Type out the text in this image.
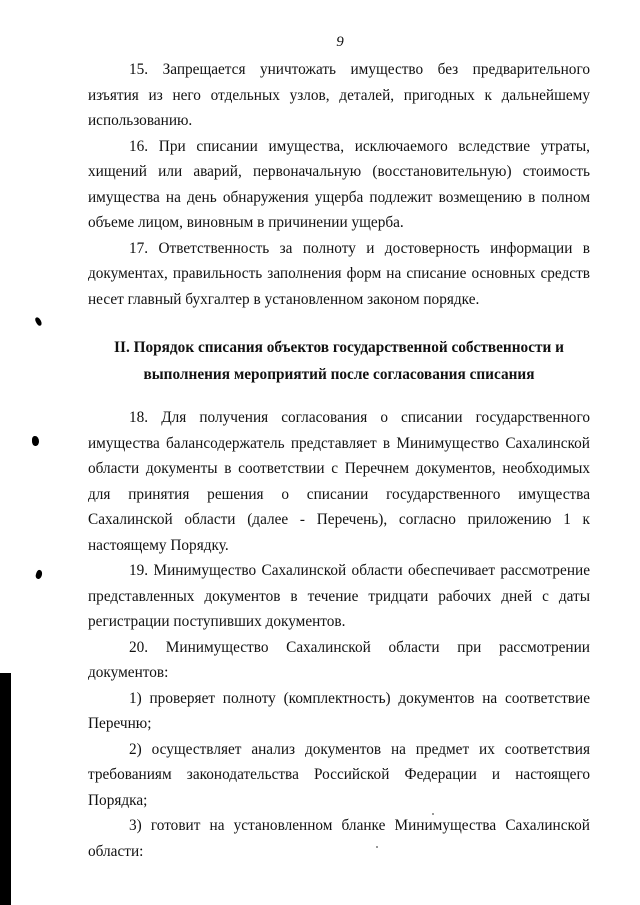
9

15. Запрещается уничтожать имущество без предварительного изъятия из него отдельных узлов, деталей, пригодных к дальнейшему использованию.

16. При списании имущества, исключаемого вследствие утраты, хищений или аварий, первоначальную (восстановительную) стоимость имущества на день обнаружения ущерба подлежит возмещению в полном объеме лицом, виновным в причинении ущерба.

17. Ответственность за полноту и достоверность информации в документах, правильность заполнения форм на списание основных средств несет главный бухгалтер в установленном законом порядке.

II. Порядок списания объектов государственной собственности и

выполнения мероприятий после согласования списания

18. Для получения согласования о списании государственного имущества балансодержатель представляет в Минимущество Сахалинской области документы в соответствии с Перечнем документов, необходимых для принятия решения о списании государственного имущества Сахалинской области (далее - Перечень), согласно приложению 1 к настоящему Порядку.

19. Минимущество Сахалинской области обеспечивает рассмотрение представленных документов в течение тридцати рабочих дней с даты регистрации поступивших документов.

20. Минимущество Сахалинской области при рассмотрении документов:

1) проверяет полноту (комплектность) документов на соответствие Перечню;

2) осуществляет анализ документов на предмет их соответствия требованиям законодательства Российской Федерации и настоящего Порядка;

3) готовит на установленном бланке Минимущества Сахалинской области:
